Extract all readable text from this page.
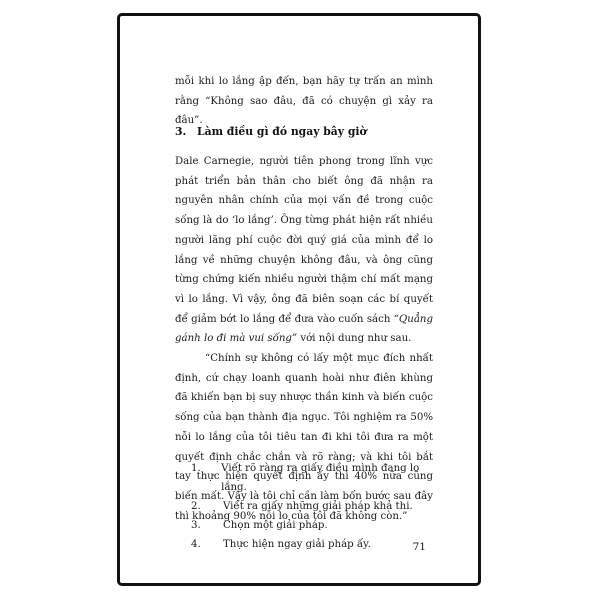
mỗi khi lo lắng ập đến, bạn hãy tự trấn an mình rằng “Không sao đâu, đã có chuyện gì xảy ra đâu”.

3. Làm điều gì đó ngay bây giờ

Dale Carnegie, người tiên phong trong lĩnh vực phát triển bản thân cho biết ông đã nhận ra nguyên nhân chính của mọi vấn đề trong cuộc sống là do ‘lo lắng’. Ông từng phát hiện rất nhiều người lãng phí cuộc đời quý giá của mình để lo lắng về những chuyện không đâu, và ông cũng từng chứng kiến nhiều người thậm chí mất mạng vì lo lắng. Vì vậy, ông đã biên soạn các bí quyết để giảm bớt lo lắng để đưa vào cuốn sách “Quẳng gánh lo đi mà vui sống” với nội dung như sau.

“Chính sự không có lấy một mục đích nhất định, cứ chạy loanh quanh hoài như điên khùng đã khiến bạn bị suy nhược thần kinh và biến cuộc sống của bạn thành địa ngục. Tôi nghiệm ra 50% nỗi lo lắng của tôi tiêu tan đi khi tôi đưa ra một quyết định chắc chắn và rõ ràng; và khi tôi bắt tay thực hiện quyết định ấy thì 40% nữa cũng biến mất. Vậy là tôi chỉ cần làm bốn bước sau đây thì khoảng 90% nỗi lo của tôi đã không còn.”

1.	Viết rõ ràng ra giấy điều mình đang lo lắng.
2.	Viết ra giấy những giải pháp khả thi.
3.	Chọn một giải pháp.
4.	Thực hiện ngay giải pháp ấy.	71
